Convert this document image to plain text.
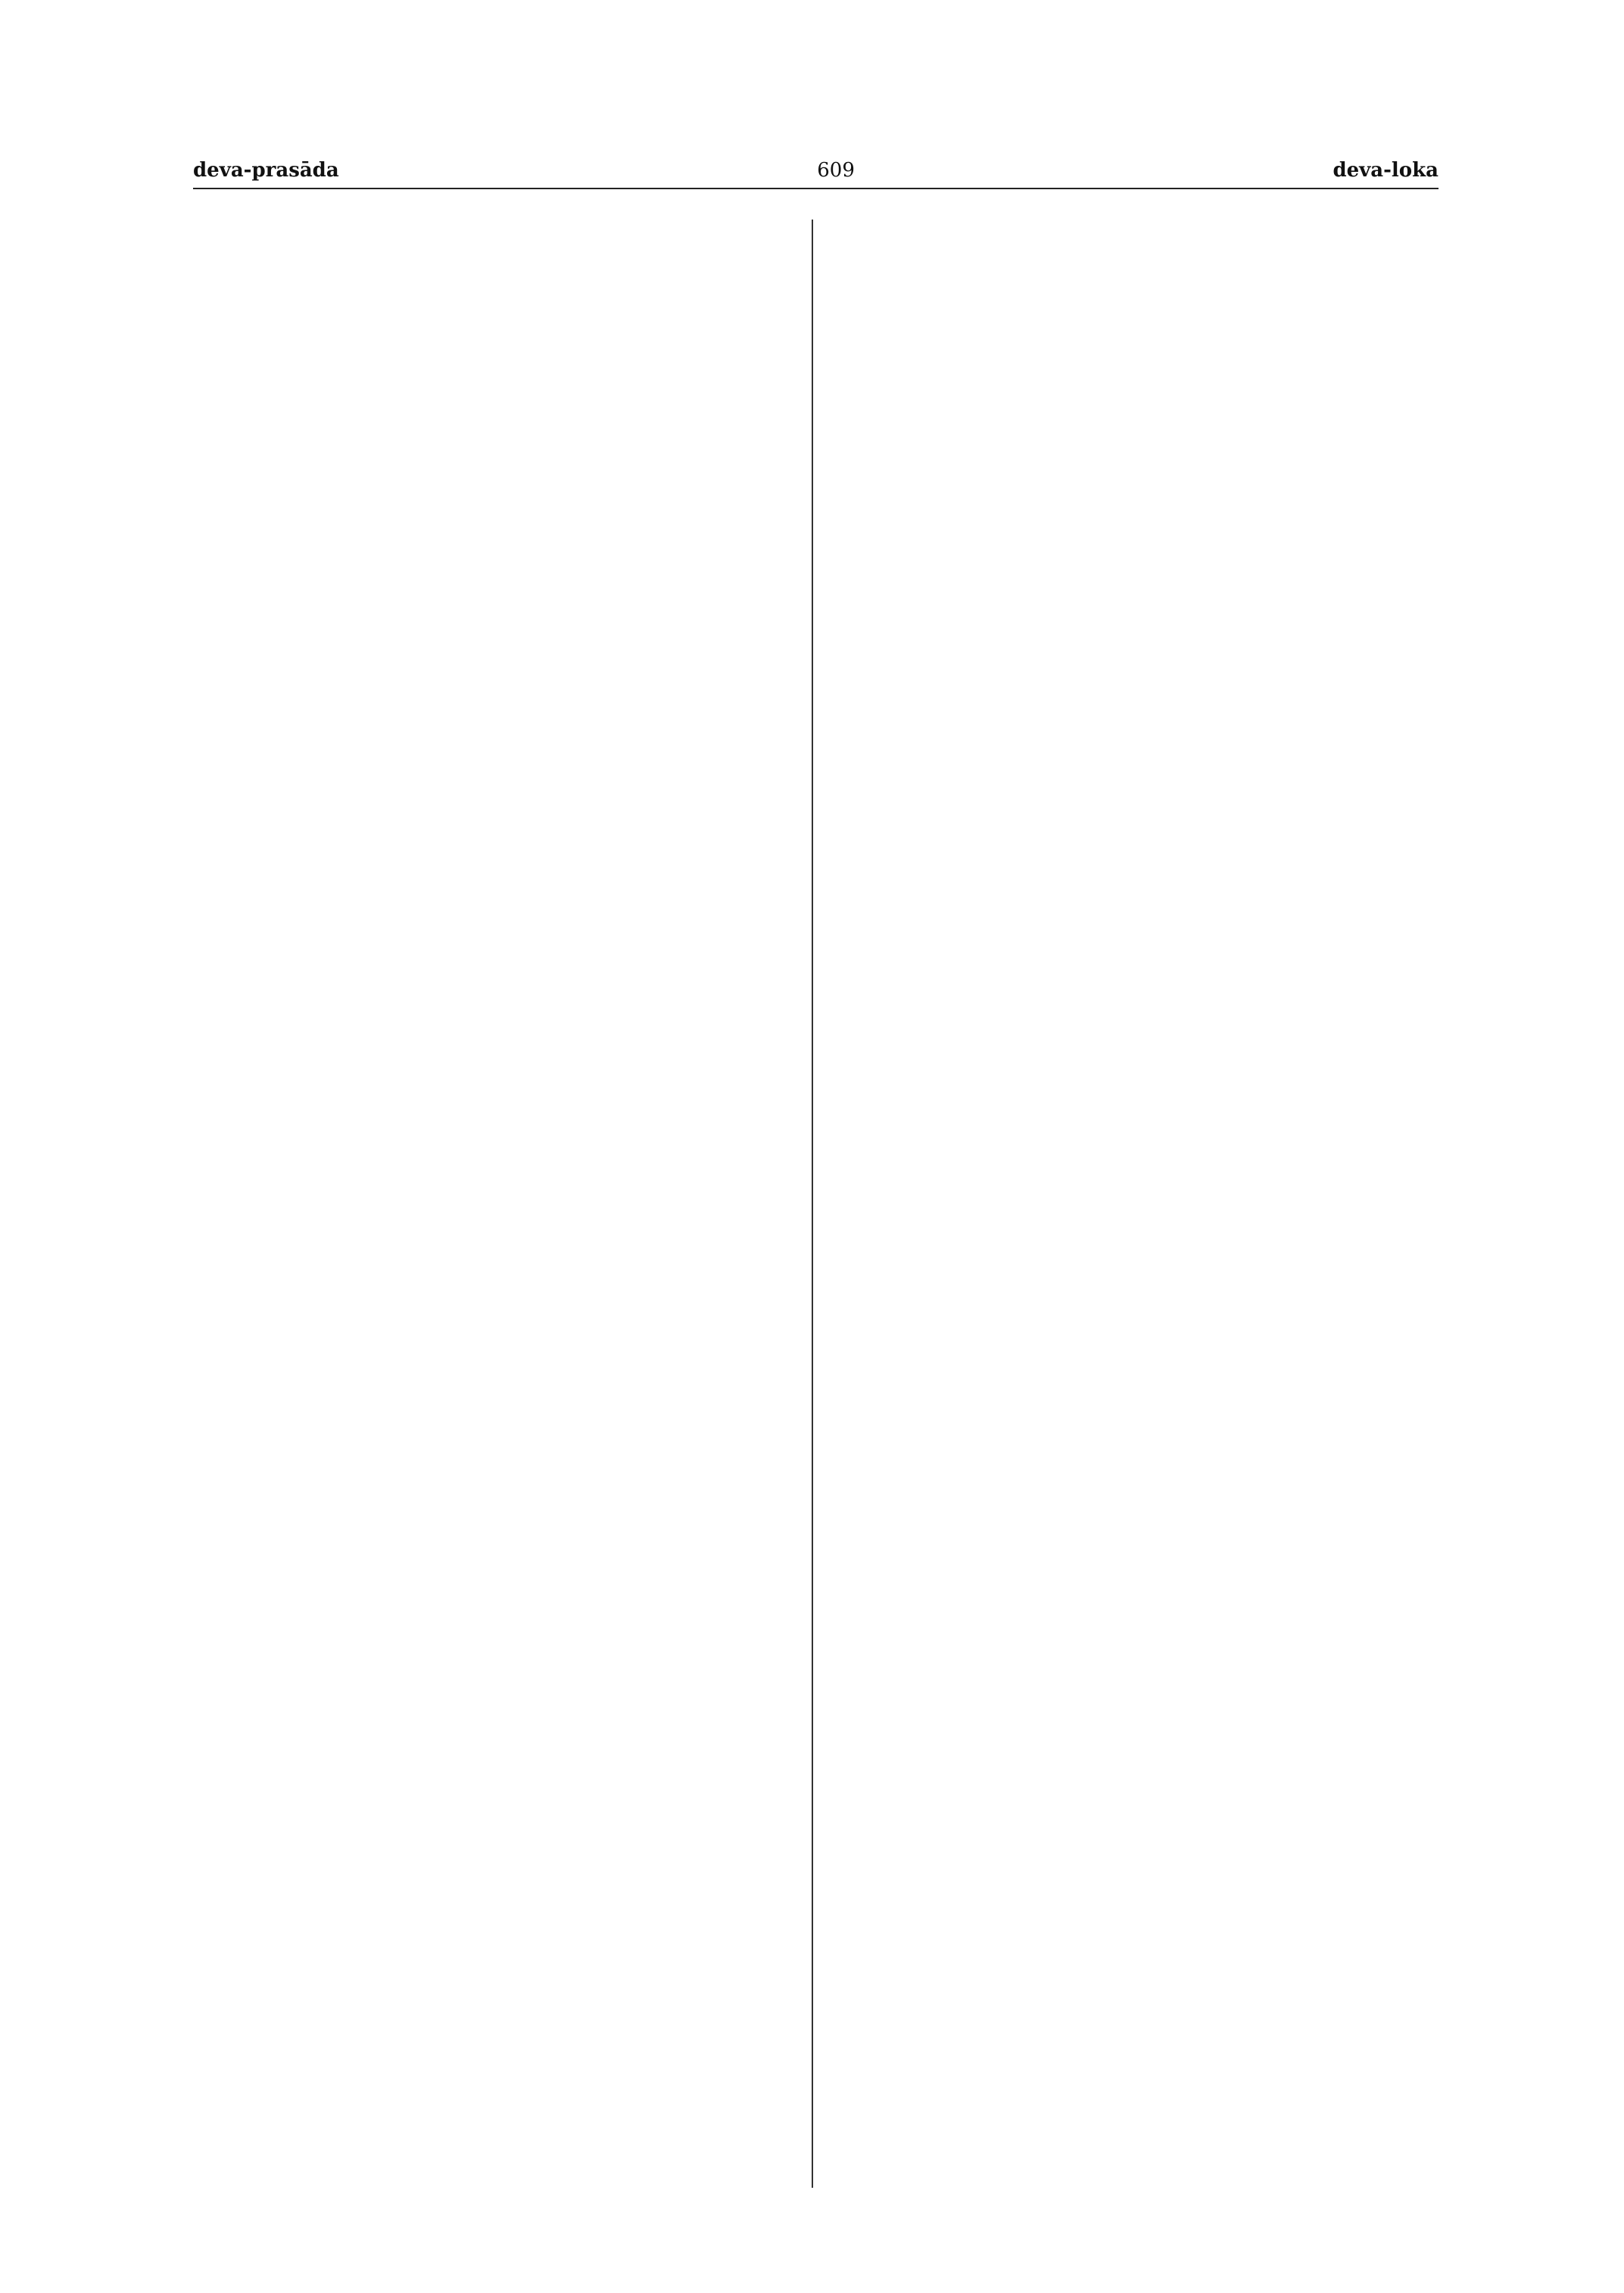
deva-prasāda	609	deva-loka
